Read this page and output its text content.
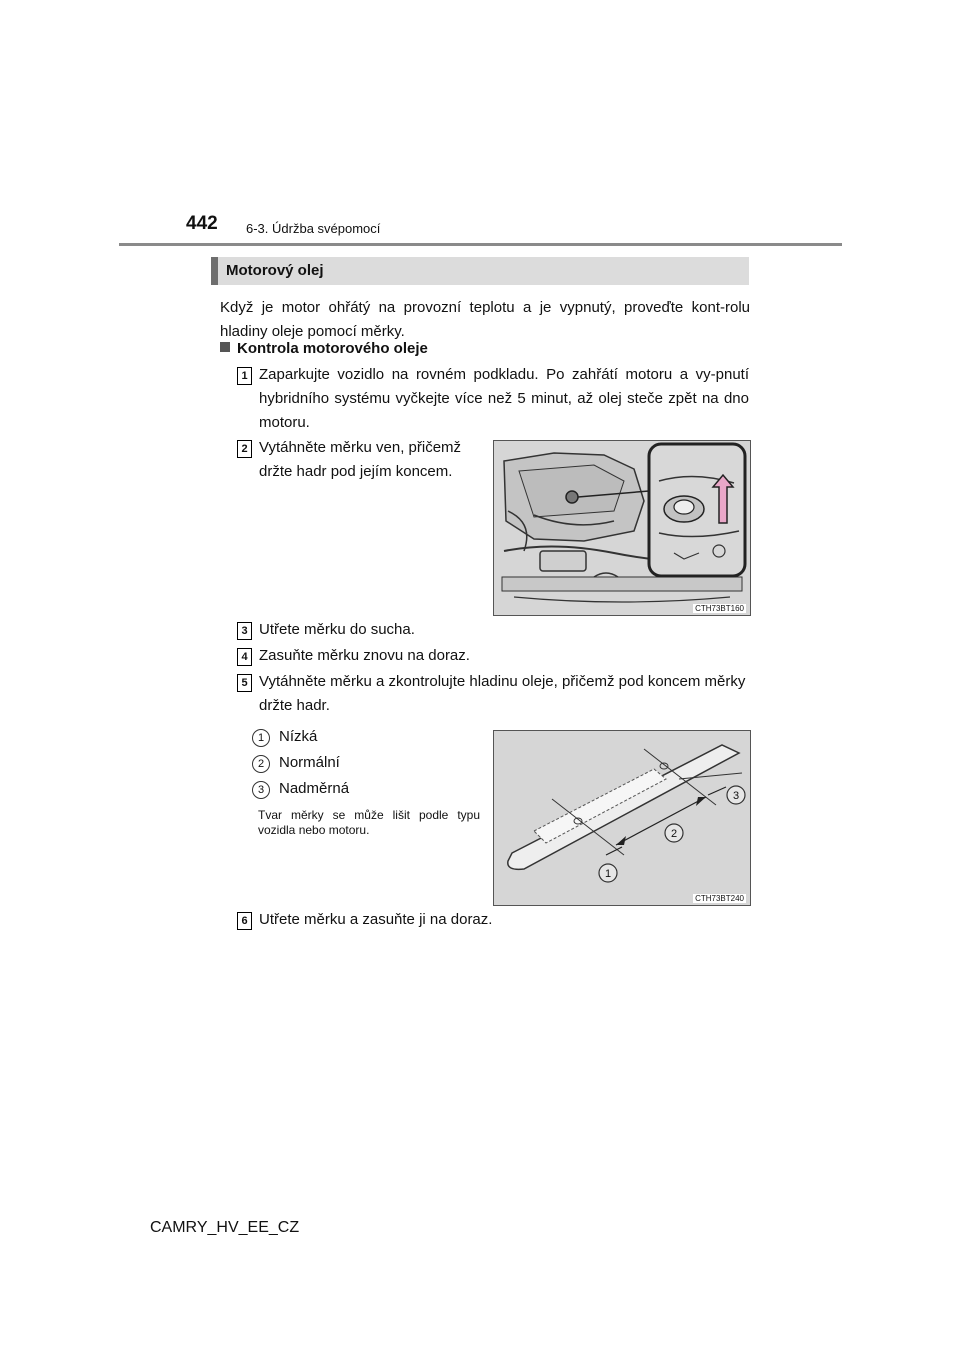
442 6-3. Údržba svépomocí
Motorový olej
Když je motor ohřátý na provozní teplotu a je vypnutý, proveďte kont-rolu hladiny oleje pomocí měrky.
Kontrola motorového oleje
1 Zaparkujte vozidlo na rovném podkladu. Po zahřátí motoru a vy-pnutí hybridního systému vyčkejte více než 5 minut, až olej steče zpět na dno motoru.
2 Vytáhněte měrku ven, přičemž držte hadr pod jejím koncem.
CTH73BT160
3 Utřete měrku do sucha.
4 Zasuňte měrku znovu na doraz.
5 Vytáhněte měrku a zkontrolujte hladinu oleje, přičemž pod koncem měrky držte hadr.
1 Nízká
2 Normální
3 Nadměrná
Tvar měrky se může lišit podle typu vozidla nebo motoru.
1
2
3
CTH73BT240
6 Utřete měrku a zasuňte ji na doraz.
CAMRY_HV_EE_CZ
